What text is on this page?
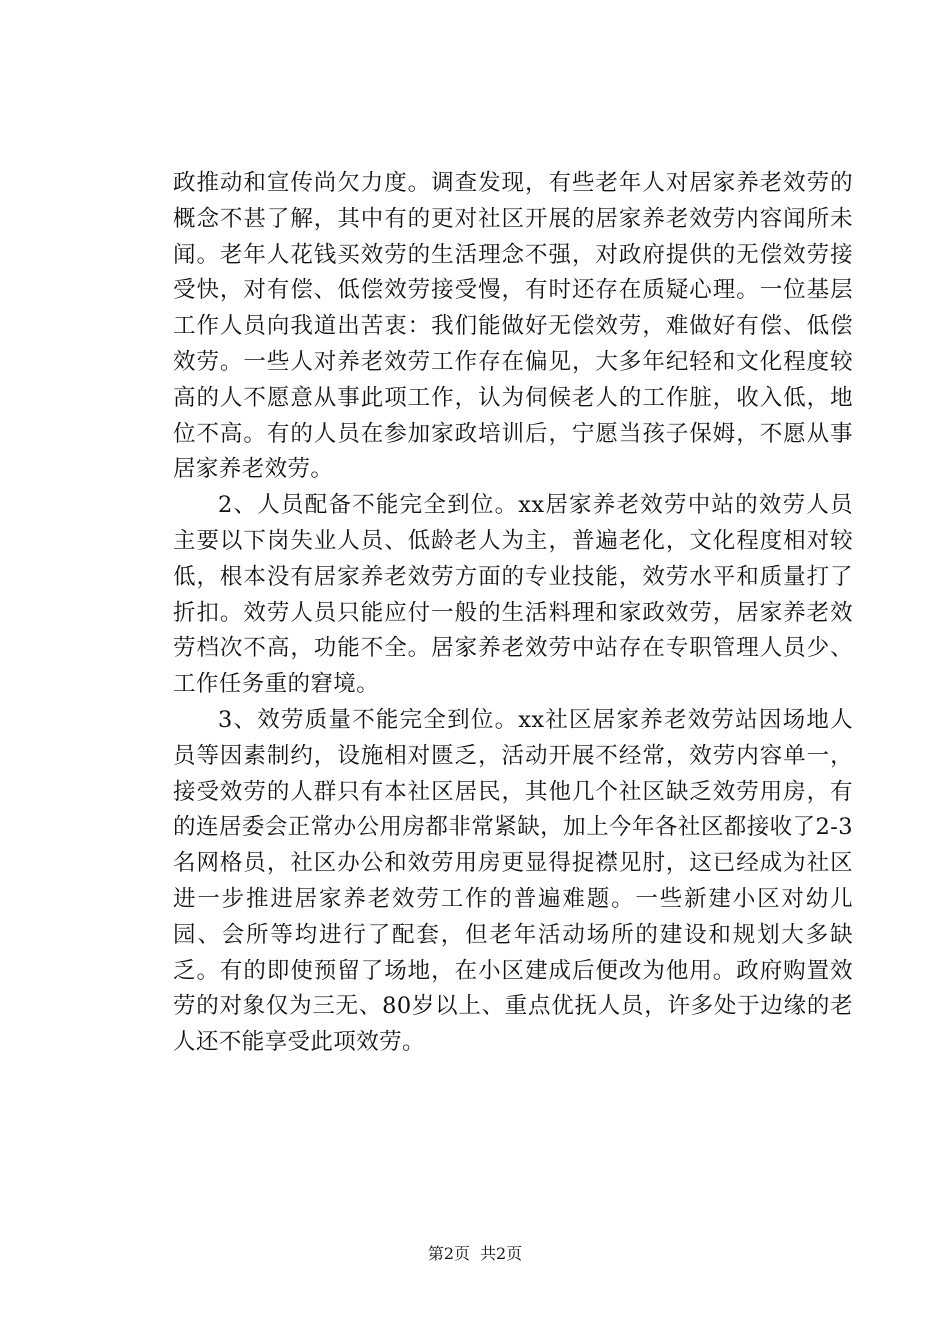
政推动和宣传尚欠力度。调查发现，有些老年人对居家养老效劳的概念不甚了解，其中有的更对社区开展的居家养老效劳内容闻所未闻。老年人花钱买效劳的生活理念不强，对政府提供的无偿效劳接受快，对有偿、低偿效劳接受慢，有时还存在质疑心理。一位基层工作人员向我道出苦衷：我们能做好无偿效劳，难做好有偿、低偿效劳。一些人对养老效劳工作存在偏见，大多年纪轻和文化程度较高的人不愿意从事此项工作，认为伺候老人的工作脏，收入低，地位不高。有的人员在参加家政培训后，宁愿当孩子保姆，不愿从事居家养老效劳。

2、人员配备不能完全到位。xx居家养老效劳中站的效劳人员主要以下岗失业人员、低龄老人为主，普遍老化，文化程度相对较低，根本没有居家养老效劳方面的专业技能，效劳水平和质量打了折扣。效劳人员只能应付一般的生活料理和家政效劳，居家养老效劳档次不高，功能不全。居家养老效劳中站存在专职管理人员少、工作任务重的窘境。

3、效劳质量不能完全到位。xx社区居家养老效劳站因场地人员等因素制约，设施相对匮乏，活动开展不经常，效劳内容单一，接受效劳的人群只有本社区居民，其他几个社区缺乏效劳用房，有的连居委会正常办公用房都非常紧缺，加上今年各社区都接收了2-3名网格员，社区办公和效劳用房更显得捉襟见肘，这已经成为社区进一步推进居家养老效劳工作的普遍难题。一些新建小区对幼儿园、会所等均进行了配套，但老年活动场所的建设和规划大多缺乏。有的即使预留了场地，在小区建成后便改为他用。政府购置效劳的对象仅为三无、80岁以上、重点优抚人员，许多处于边缘的老人还不能享受此项效劳。

第2页 共2页
